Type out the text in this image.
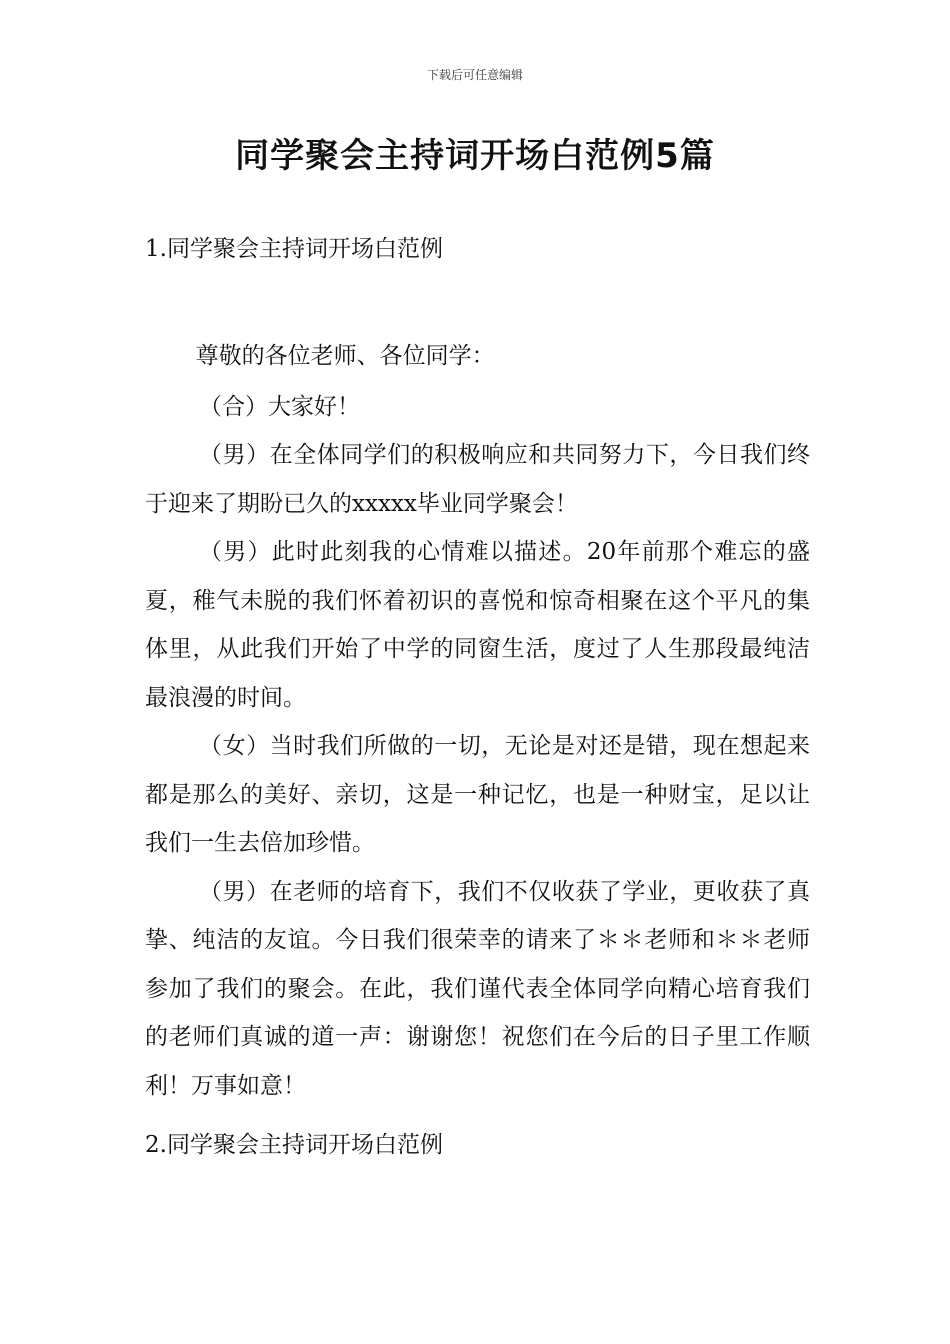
下载后可任意编辑
同学聚会主持词开场白范例5篇
1.同学聚会主持词开场白范例

尊敬的各位老师、各位同学：

（合）大家好！

（男）在全体同学们的积极响应和共同努力下，今日我们终于迎来了期盼已久的xxxxx毕业同学聚会！

（男）此时此刻我的心情难以描述。20年前那个难忘的盛夏，稚气未脱的我们怀着初识的喜悦和惊奇相聚在这个平凡的集体里，从此我们开始了中学的同窗生活，度过了人生那段最纯洁最浪漫的时间。

（女）当时我们所做的一切，无论是对还是错，现在想起来都是那么的美好、亲切，这是一种记忆，也是一种财宝，足以让我们一生去倍加珍惜。

（男）在老师的培育下，我们不仅收获了学业，更收获了真挚、纯洁的友谊。今日我们很荣幸的请来了＊＊老师和＊＊老师参加了我们的聚会。在此，我们谨代表全体同学向精心培育我们的老师们真诚的道一声：谢谢您！祝您们在今后的日子里工作顺利！万事如意！

2.同学聚会主持词开场白范例
